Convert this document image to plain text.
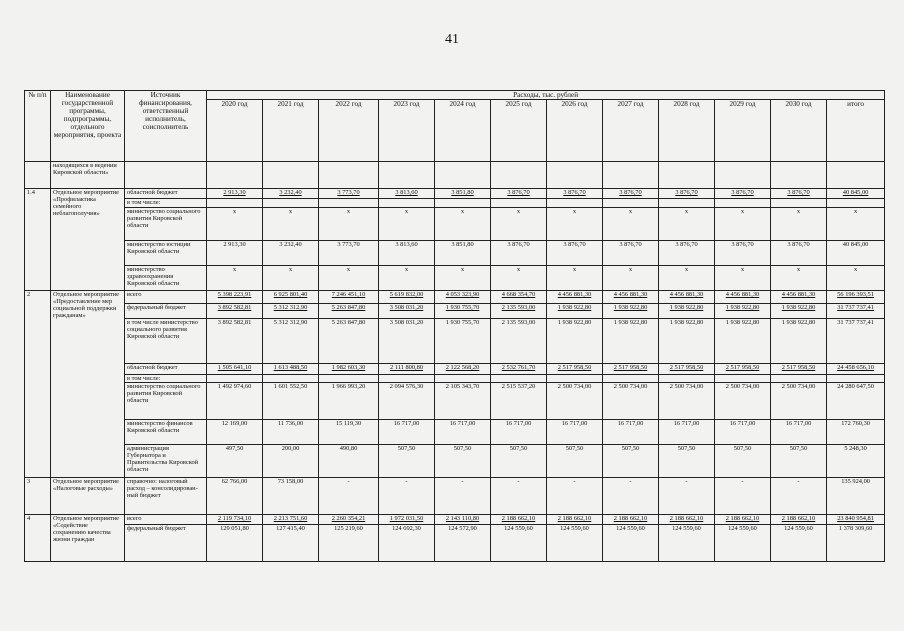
41
№ п/п	Наименование государственной программы, подпрограммы, отдельного мероприятия, проекта	Источник финансирования, ответственный исполнитель, соисполнитель	Расходы, тыс. рублей											
			2020 год	2021 год	2022 год	2023 год	2024 год	2025 год	2026 год	2027 год	2028 год	2029 год	2030 год	итого
	находящихся в ведении Кировской области»													
1.4	Отдельное мероприятие «Профилактика семейного неблагополучия»	областной бюджет	2 913,30	3 232,40	3 773,70	3 813,60	3 851,80	3 876,70	3 876,70	3 876,70	3 876,70	3 876,70	3 876,70	40 845,00
		в том числе:												
		министерство социального развития Кировской области	x	x	x	x	x	x	x	x	x	x	x	x
		министерство юстиции Кировской области	2 913,30	3 232,40	3 773,70	3 813,60	3 851,80	3 876,70	3 876,70	3 876,70	3 876,70	3 876,70	3 876,70	40 845,00
		министерство здравоохранения Кировской области	x	x	x	x	x	x	x	x	x	x	x	x
2	Отдельное мероприятие «Предоставление мер социальной поддержки гражданам»	всего	5 398 223,91	6 925 801,40	7 246 451,10	5 619 832,00	4 053 323,90	4 668 354,70	4 456 881,30	4 456 881,30	4 456 881,30	4 456 881,30	4 456 881,30	56 196 393,51
		федеральный бюджет	3 892 582,81	5 312 312,90	5 263 847,80	3 508 031,20	1 930 755,70	2 135 593,00	1 938 922,80	1 938 922,80	1 938 922,80	1 938 922,80	1 938 922,80	31 737 737,41
		в том числе министерство социального развития Кировской области	3 892 582,81	5 312 312,90	5 263 847,80	3 508 031,20	1 930 755,70	2 135 593,00	1 938 922,80	1 938 922,80	1 938 922,80	1 938 922,80	1 938 922,80	31 737 737,41
		областной бюджет	1 505 641,10	1 613 488,50	1 982 603,30	2 111 800,80	2 122 568,20	2 532 761,70	2 517 958,50	2 517 958,50	2 517 958,50	2 517 958,50	2 517 958,50	24 458 656,10
		в том числе:												
		министерство социального развития Кировской области	1 492 974,60	1 601 552,50	1 966 993,20	2 094 576,30	2 105 343,70	2 515 537,20	2 500 734,00	2 500 734,00	2 500 734,00	2 500 734,00	2 500 734,00	24 280 647,50
		министерство финансов Кировской области	12 169,00	11 736,00	15 119,30	16 717,00	16 717,00	16 717,00	16 717,00	16 717,00	16 717,00	16 717,00	16 717,00	172 760,30
		администрация Губернатора и Правительства Кировской области	497,50	200,00	490,80	507,50	507,50	507,50	507,50	507,50	507,50	507,50	507,50	5 248,30
3	Отдельное мероприятие «Налоговые расходы»	справочно: налоговый расход – консолидирован-ный бюджет	62 766,00	73 158,00	-	-	-	-	-	-	-	-	-	135 924,00
4	Отдельное мероприятие «Содействие сохранению качества жизни граждан	всего	2 119 734,10	2 213 751,60	2 260 354,21	1 972 031,50	2 143 110,80	2 188 662,10	2 188 662,10	2 188 662,10	2 188 662,10	2 188 662,10	2 188 662,10	23 840 954,81
		федеральный бюджет	129 051,80	127 415,40	125 219,60	124 692,30	124 572,90	124 559,60	124 559,60	124 559,60	124 559,60	124 559,60	124 559,60	1 378 309,60
